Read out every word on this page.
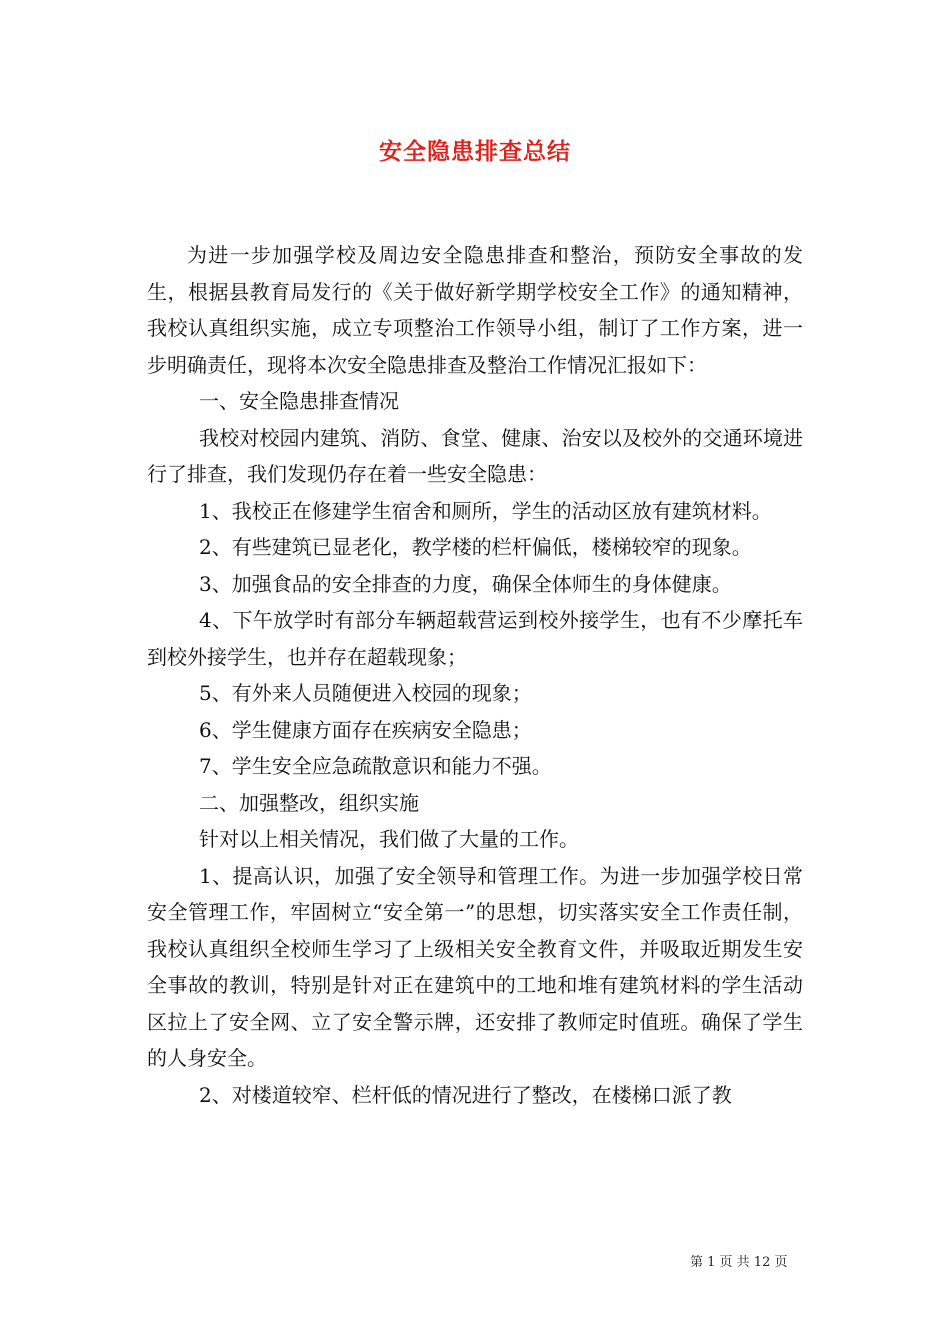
安全隐患排查总结

为进一步加强学校及周边安全隐患排查和整治，预防安全事故的发生，根据县教育局发行的《关于做好新学期学校安全工作》的通知精神，我校认真组织实施，成立专项整治工作领导小组，制订了工作方案，进一步明确责任，现将本次安全隐患排查及整治工作情况汇报如下：

一、安全隐患排查情况

我校对校园内建筑、消防、食堂、健康、治安以及校外的交通环境进行了排查，我们发现仍存在着一些安全隐患：

1、我校正在修建学生宿舍和厕所，学生的活动区放有建筑材料。

2、有些建筑已显老化，教学楼的栏杆偏低，楼梯较窄的现象。

3、加强食品的安全排查的力度，确保全体师生的身体健康。

4、下午放学时有部分车辆超载营运到校外接学生，也有不少摩托车到校外接学生，也并存在超载现象；

5、有外来人员随便进入校园的现象；

6、学生健康方面存在疾病安全隐患；

7、学生安全应急疏散意识和能力不强。

二、加强整改，组织实施

针对以上相关情况，我们做了大量的工作。

1、提高认识，加强了安全领导和管理工作。为进一步加强学校日常安全管理工作，牢固树立“安全第一”的思想，切实落实安全工作责任制，我校认真组织全校师生学习了上级相关安全教育文件，并吸取近期发生安全事故的教训，特别是针对正在建筑中的工地和堆有建筑材料的学生活动区拉上了安全网、立了安全警示牌，还安排了教师定时值班。确保了学生的人身安全。

2、对楼道较窄、栏杆低的情况进行了整改，在楼梯口派了教

第 1 页 共 12 页
